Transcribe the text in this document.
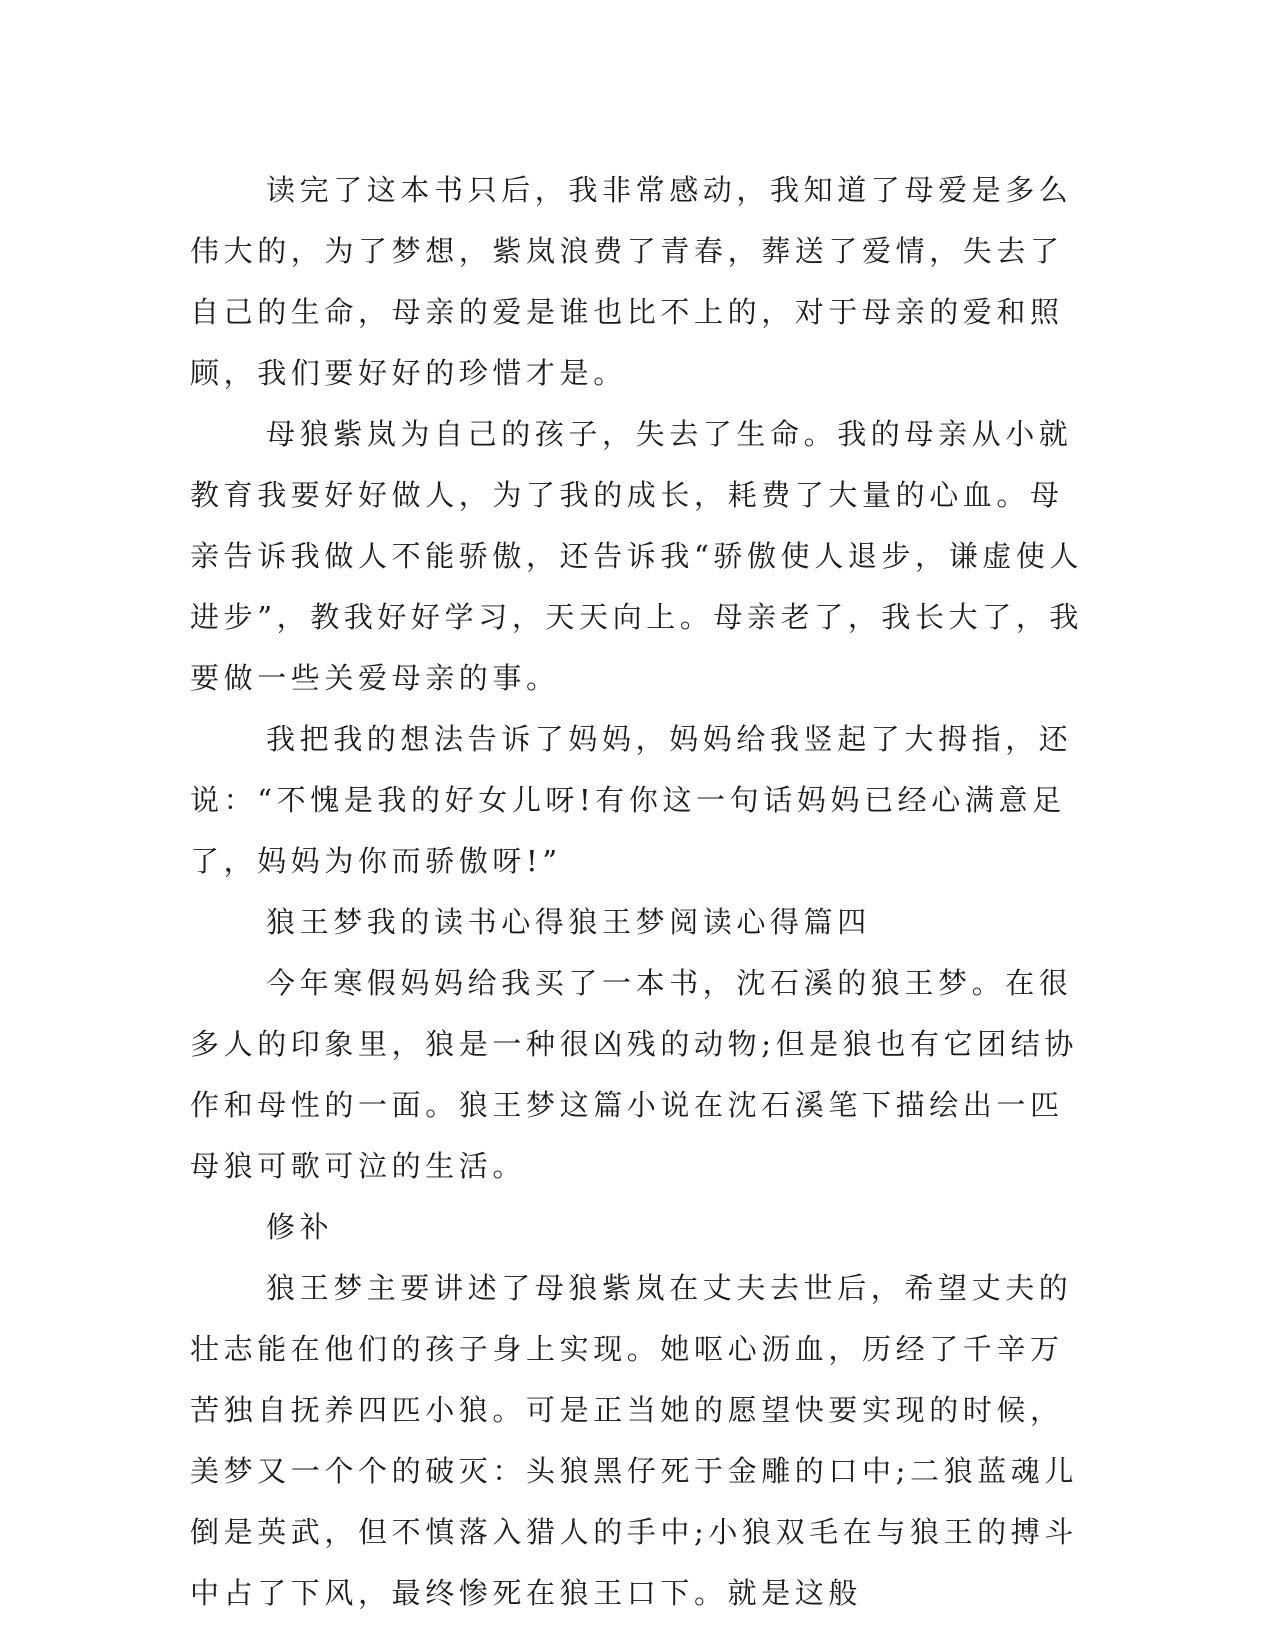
读完了这本书只后，我非常感动，我知道了母爱是多么伟大的，为了梦想，紫岚浪费了青春，葬送了爱情，失去了自己的生命，母亲的爱是谁也比不上的，对于母亲的爱和照顾，我们要好好的珍惜才是。

母狼紫岚为自己的孩子，失去了生命。我的母亲从小就教育我要好好做人，为了我的成长，耗费了大量的心血。母亲告诉我做人不能骄傲，还告诉我“骄傲使人退步，谦虚使人进步”，教我好好学习，天天向上。母亲老了，我长大了，我要做一些关爱母亲的事。

我把我的想法告诉了妈妈，妈妈给我竖起了大拇指，还说：“不愧是我的好女儿呀!有你这一句话妈妈已经心满意足了，妈妈为你而骄傲呀!”

狼王梦我的读书心得狼王梦阅读心得篇四

今年寒假妈妈给我买了一本书，沈石溪的狼王梦。在很多人的印象里，狼是一种很凶残的动物;但是狼也有它团结协作和母性的一面。狼王梦这篇小说在沈石溪笔下描绘出一匹母狼可歌可泣的生活。

修补

狼王梦主要讲述了母狼紫岚在丈夫去世后，希望丈夫的壮志能在他们的孩子身上实现。她呕心沥血，历经了千辛万苦独自抚养四匹小狼。可是正当她的愿望快要实现的时候，美梦又一个个的破灭：头狼黑仔死于金雕的口中;二狼蓝魂儿倒是英武，但不慎落入猎人的手中;小狼双毛在与狼王的搏斗中占了下风，最终惨死在狼王口下。就是这般
